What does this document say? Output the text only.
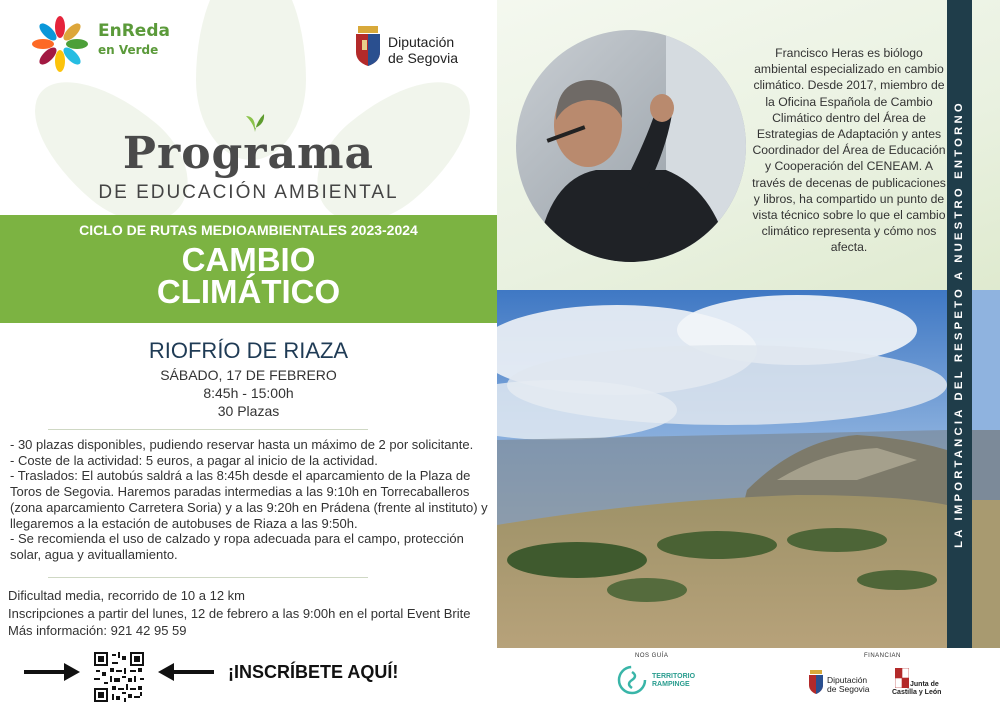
EnReda
en Verde	Diputación
de Segovia
Programa
DE EDUCACIÓN AMBIENTAL
CICLO DE RUTAS MEDIOAMBIENTALES 2023-2024
CAMBIO
CLIMÁTICO
RIOFRÍO DE RIAZA
SÁBADO, 17 DE FEBRERO
8:45h - 15:00h
30 Plazas
- 30 plazas disponibles, pudiendo reservar hasta un máximo de 2 por solicitante.
- Coste de la actividad: 5 euros, a pagar al inicio de la actividad.
- Traslados: El autobús saldrá a las 8:45h desde el aparcamiento de la Plaza de Toros de Segovia. Haremos paradas intermedias a las 9:10h en Torrecaballeros (zona aparcamiento Carretera Soria) y a las 9:20h en Prádena (frente al instituto) y llegaremos a la estación de autobuses de Riaza a las 9:50h.
- Se recomienda el uso de calzado y ropa adecuada para el campo, protección solar, agua y avituallamiento.
Dificultad media, recorrido de 10 a 12 km
Inscripciones a partir del lunes, 12 de febrero a las 9:00h en el portal Event Brite
Más información: 921 42 95 59
¡INSCRÍBETE AQUÍ!
Francisco Heras es biólogo ambiental especializado en cambio climático. Desde 2017, miembro de la Oficina Española de Cambio Climático dentro del Área de Estrategias de Adaptación y antes Coordinador del Área de Educación y Cooperación del CENEAM. A través de decenas de publicaciones y libros, ha compartido un punto de vista técnico sobre lo que el cambio climático representa y cómo nos afecta.	LA IMPORTANCIA DEL RESPETO A NUESTRO ENTORNO
NOS GUÍA
TERRITORIO
RAMPINGE
FINANCIAN
Diputación
de Segovia	Junta de
Castilla y León
